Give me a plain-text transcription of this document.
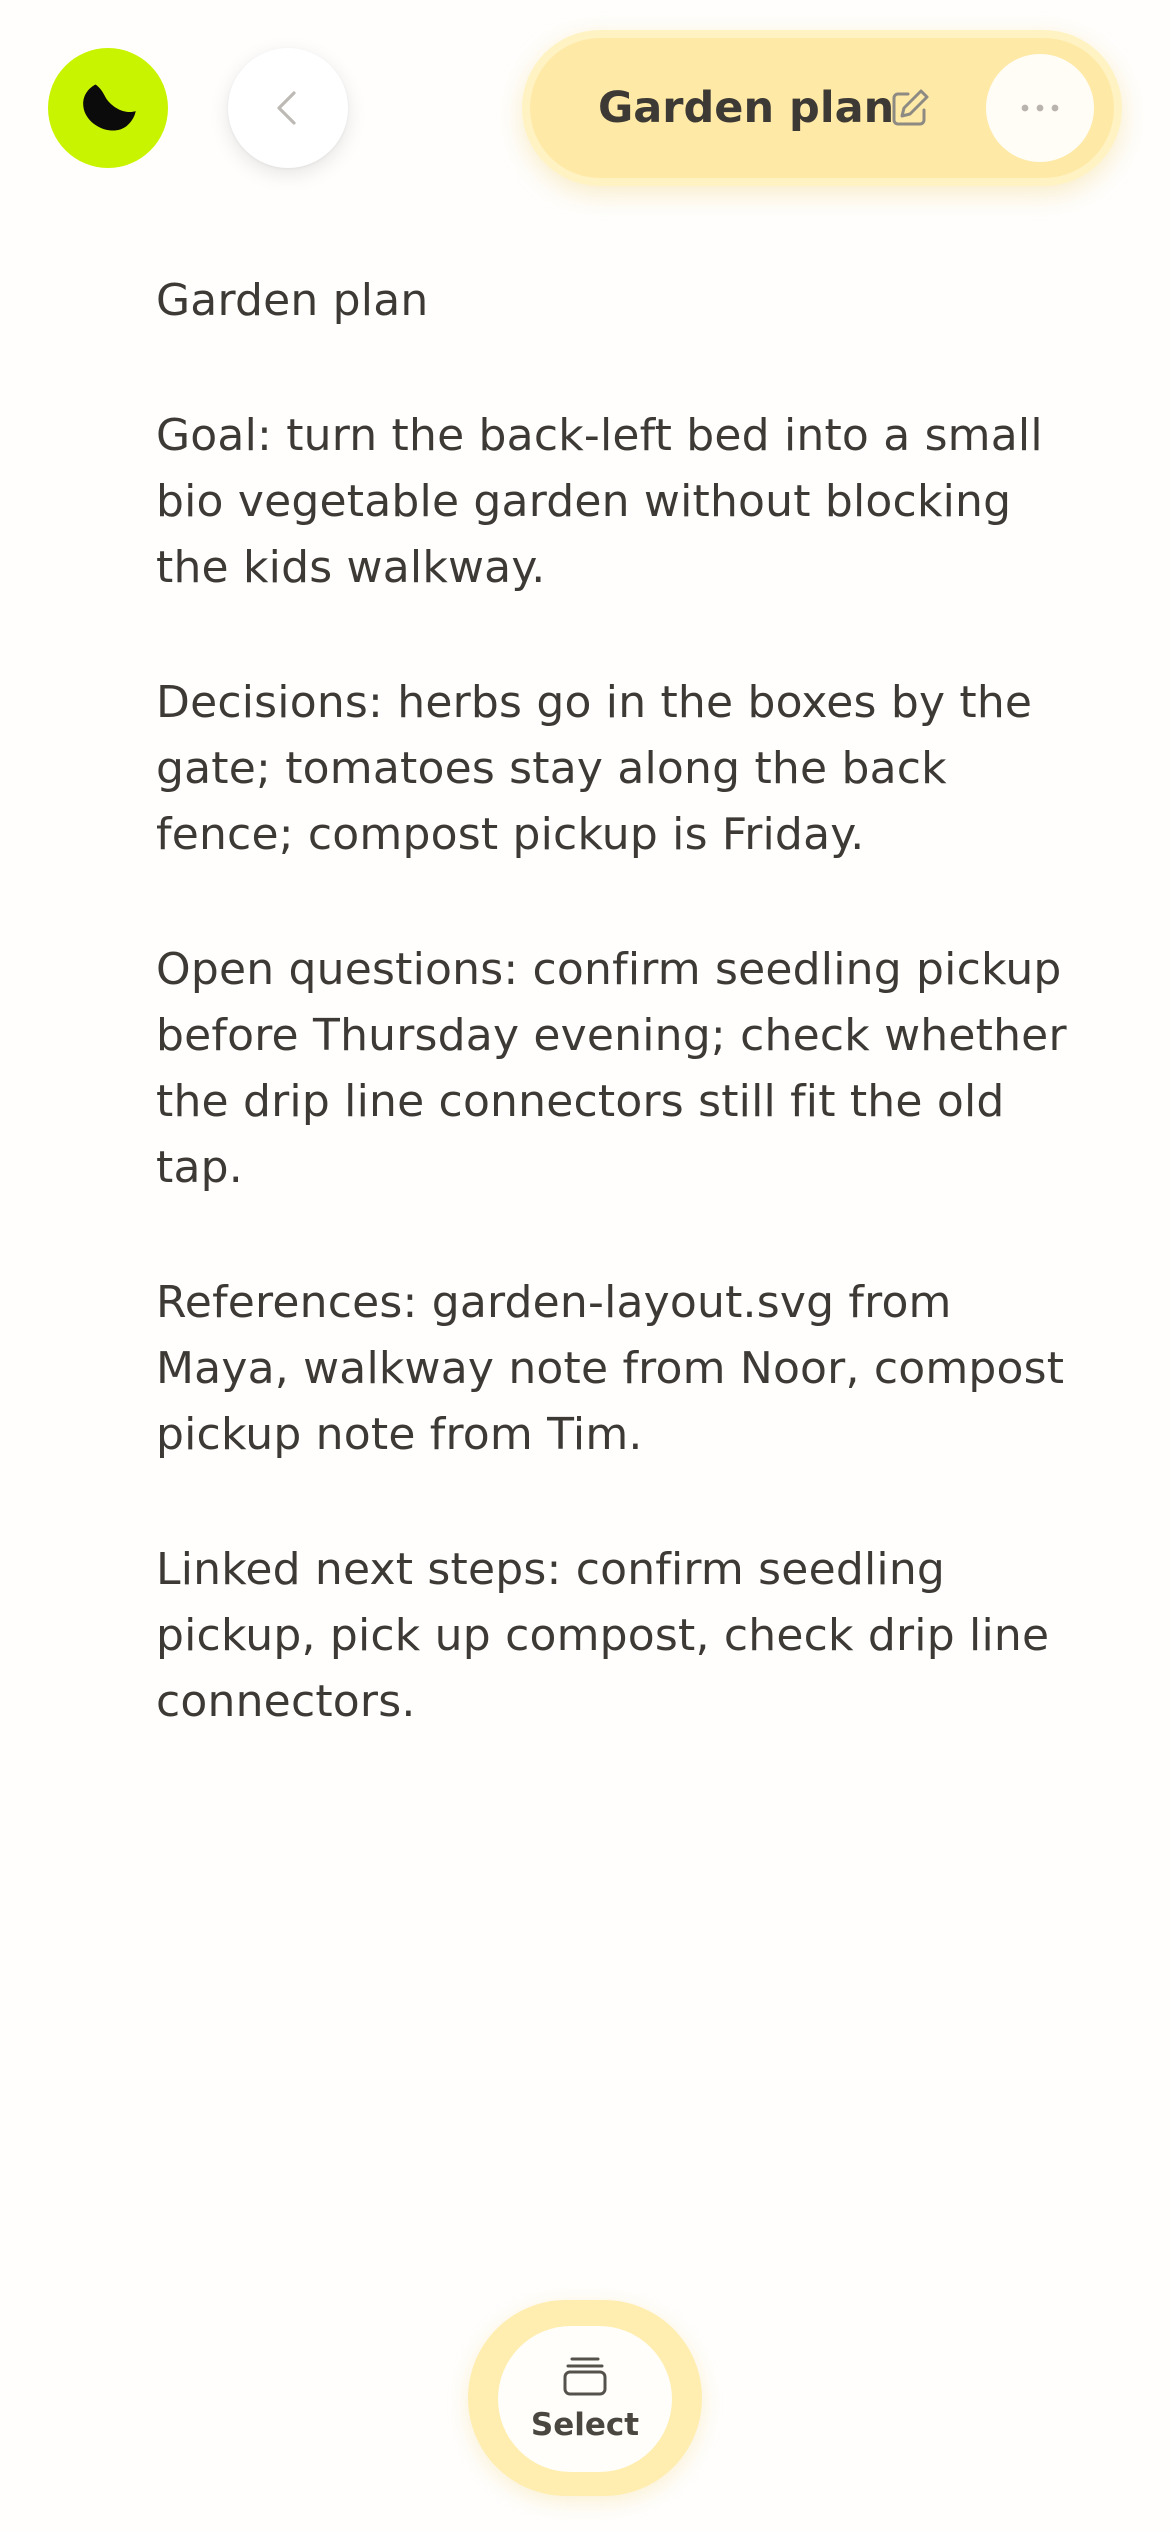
Garden plan

Garden plan

Goal: turn the back-left bed into a small bio vegetable garden without blocking the kids walkway.

Decisions: herbs go in the boxes by the gate; tomatoes stay along the back fence; compost pickup is Friday.

Open questions: confirm seedling pickup before Thursday evening; check whether the drip line connectors still fit the old tap.

References: garden-layout.svg from Maya, walkway note from Noor, compost pickup note from Tim.

Linked next steps: confirm seedling pickup, pick up compost, check drip line connectors.

Select
